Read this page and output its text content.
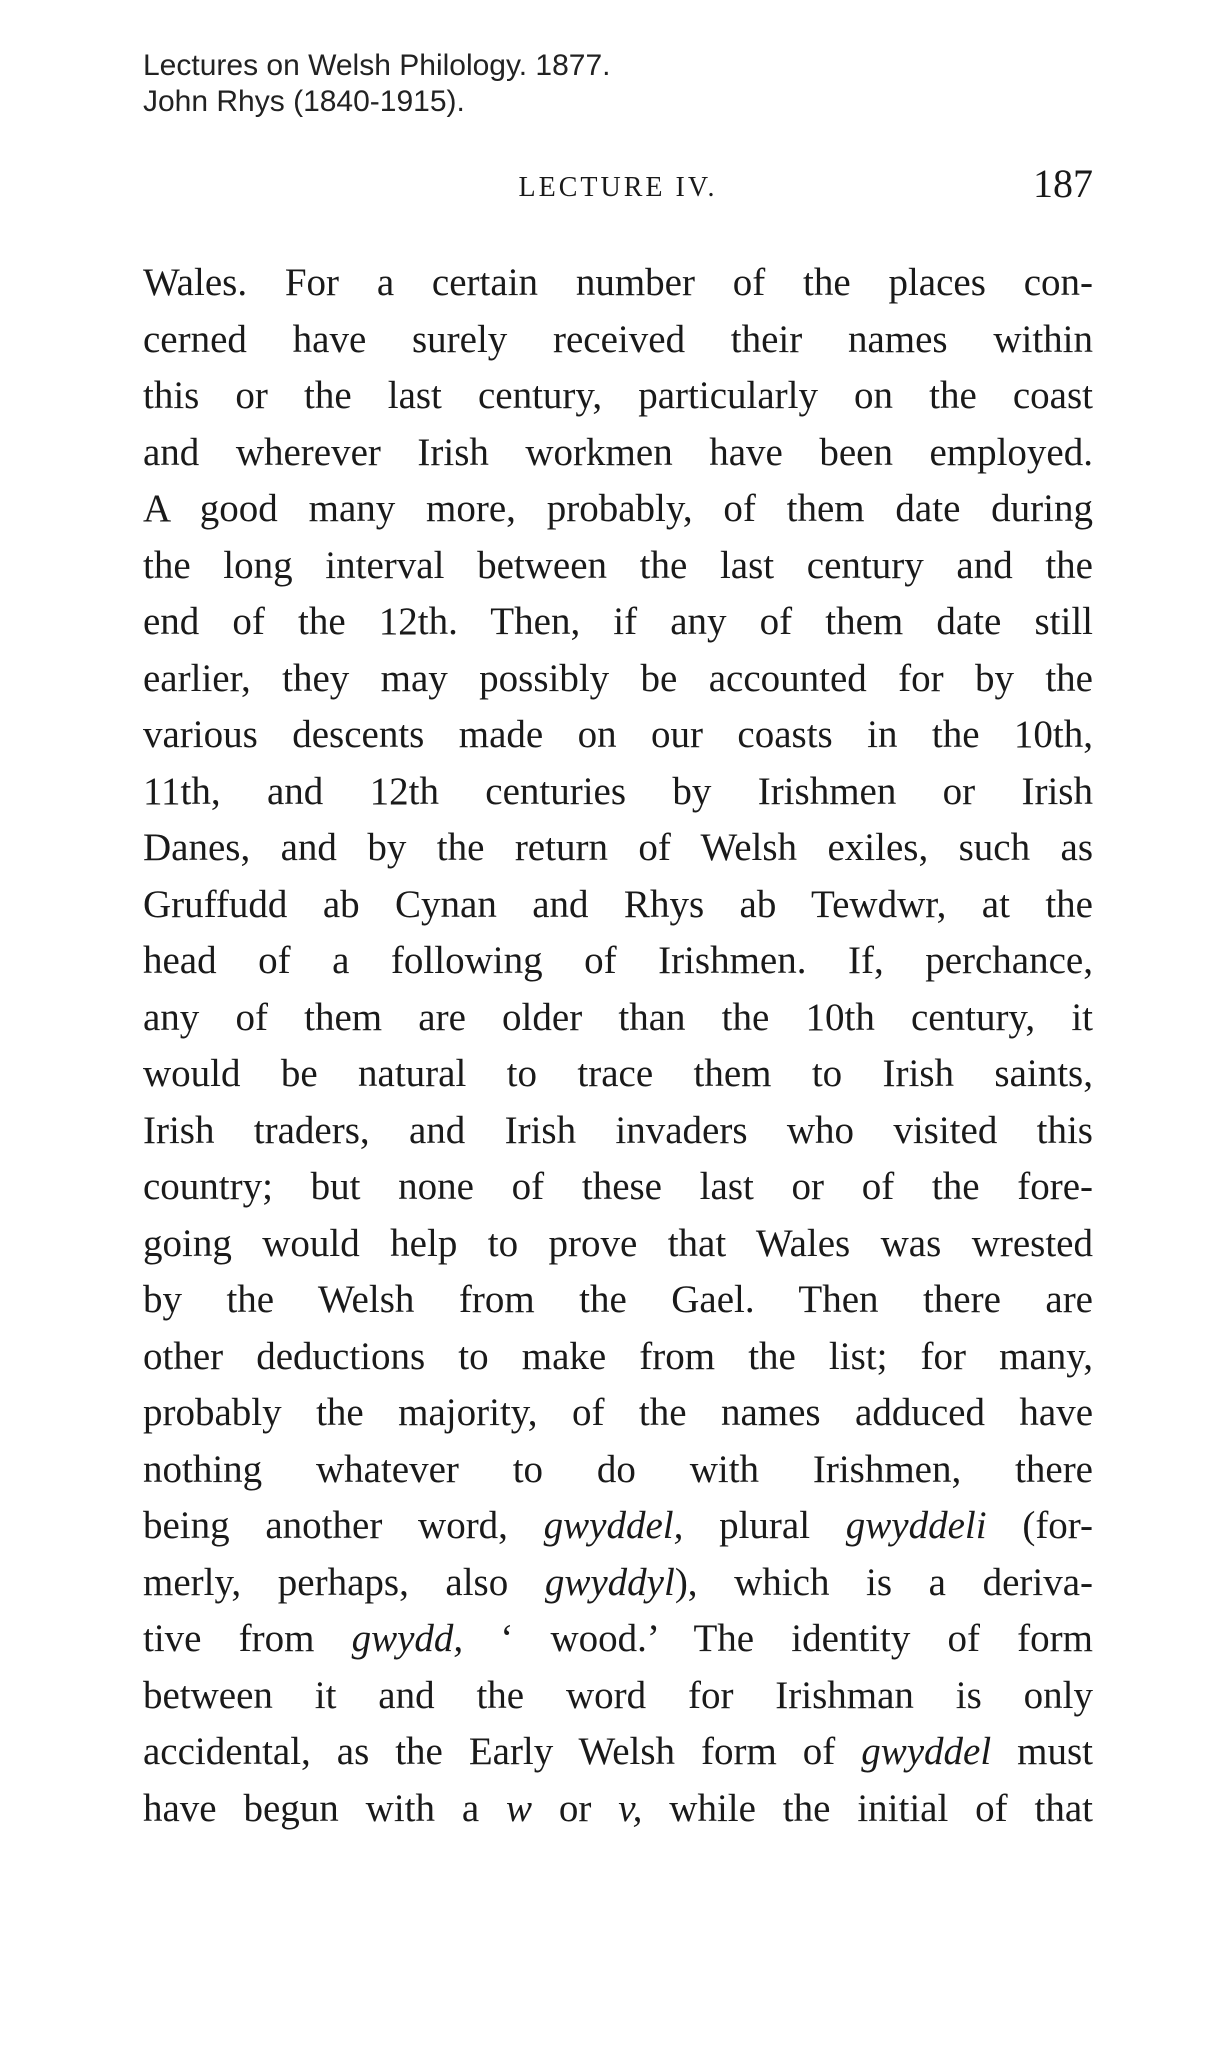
Lectures on Welsh Philology. 1877.
John Rhys (1840-1915).
LECTURE IV.	187
Wales. For a certain number of the places con-
cerned have surely received their names within
this or the last century, particularly on the coast
and wherever Irish workmen have been employed.
A good many more, probably, of them date during
the long interval between the last century and the
end of the 12th. Then, if any of them date still
earlier, they may possibly be accounted for by the
various descents made on our coasts in the 10th,
11th, and 12th centuries by Irishmen or Irish
Danes, and by the return of Welsh exiles, such as
Gruffudd ab Cynan and Rhys ab Tewdwr, at the
head of a following of Irishmen. If, perchance,
any of them are older than the 10th century, it
would be natural to trace them to Irish saints,
Irish traders, and Irish invaders who visited this
country; but none of these last or of the fore-
going would help to prove that Wales was wrested
by the Welsh from the Gael. Then there are
other deductions to make from the list; for many,
probably the majority, of the names adduced have
nothing whatever to do with Irishmen, there
being another word, gwyddel, plural gwyddeli (for-
merly, perhaps, also gwyddyl), which is a deriva-
tive from gwydd, ‘ wood.’ The identity of form
between it and the word for Irishman is only
accidental, as the Early Welsh form of gwyddel must
have begun with a w or v, while the initial of that
